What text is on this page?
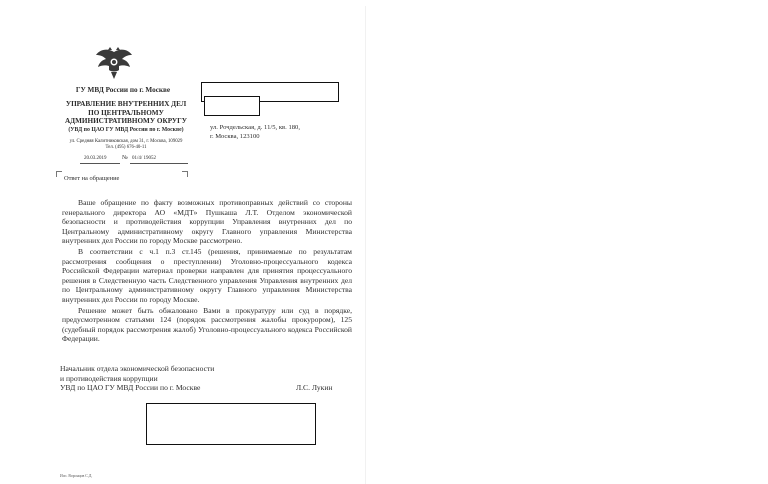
ГУ МВД России по г. Москве
УПРАВЛЕНИЕ ВНУТРЕННИХ ДЕЛ
ПО ЦЕНТРАЛЬНОМУ
АДМИНИСТРАТИВНОМУ ОКРУГУ
(УВД по ЦАО ГУ МВД России по г. Москве)
ул. Средняя Калитниковская, дом 31, г. Москва, 109029
Тел. (495) 676-40-11
20.03.2019	№ 01/4/ 19052
ул. Рочдельская, д. 11/5, кв. 180,
г. Москва, 123100
Ответ на обращение

Ваше обращение по факту возможных противоправных действий со стороны генерального директора АО «МДТ» Пушкаша Л.Т. Отделом экономической безопасности и противодействия коррупции Управления внутренних дел по Центральному административному округу Главного управления Министерства внутренних дел России по городу Москве рассмотрено.

В соответствии с ч.1 п.3 ст.145 (решения, принимаемые по результатам рассмотрения сообщения о преступлении) Уголовно-процессуального кодекса Российской Федерации материал проверки направлен для принятия процессуального решения в Следственную часть Следственного управления Управления внутренних дел по Центральному административному округу Главного управления Министерства внутренних дел России по городу Москве.

Решение может быть обжаловано Вами в прокуратуру или суд в порядке, предусмотренном статьями 124 (порядок рассмотрения жалобы прокурором), 125 (судебный порядок рассмотрения жалоб) Уголовно-процессуального кодекса Российской Федерации.

Начальник отдела экономической безопасности
и противодействия коррупции
УВД по ЦАО ГУ МВД России по г. Москве	Л.С. Лукин
Исп. Воронцов С.Д.
